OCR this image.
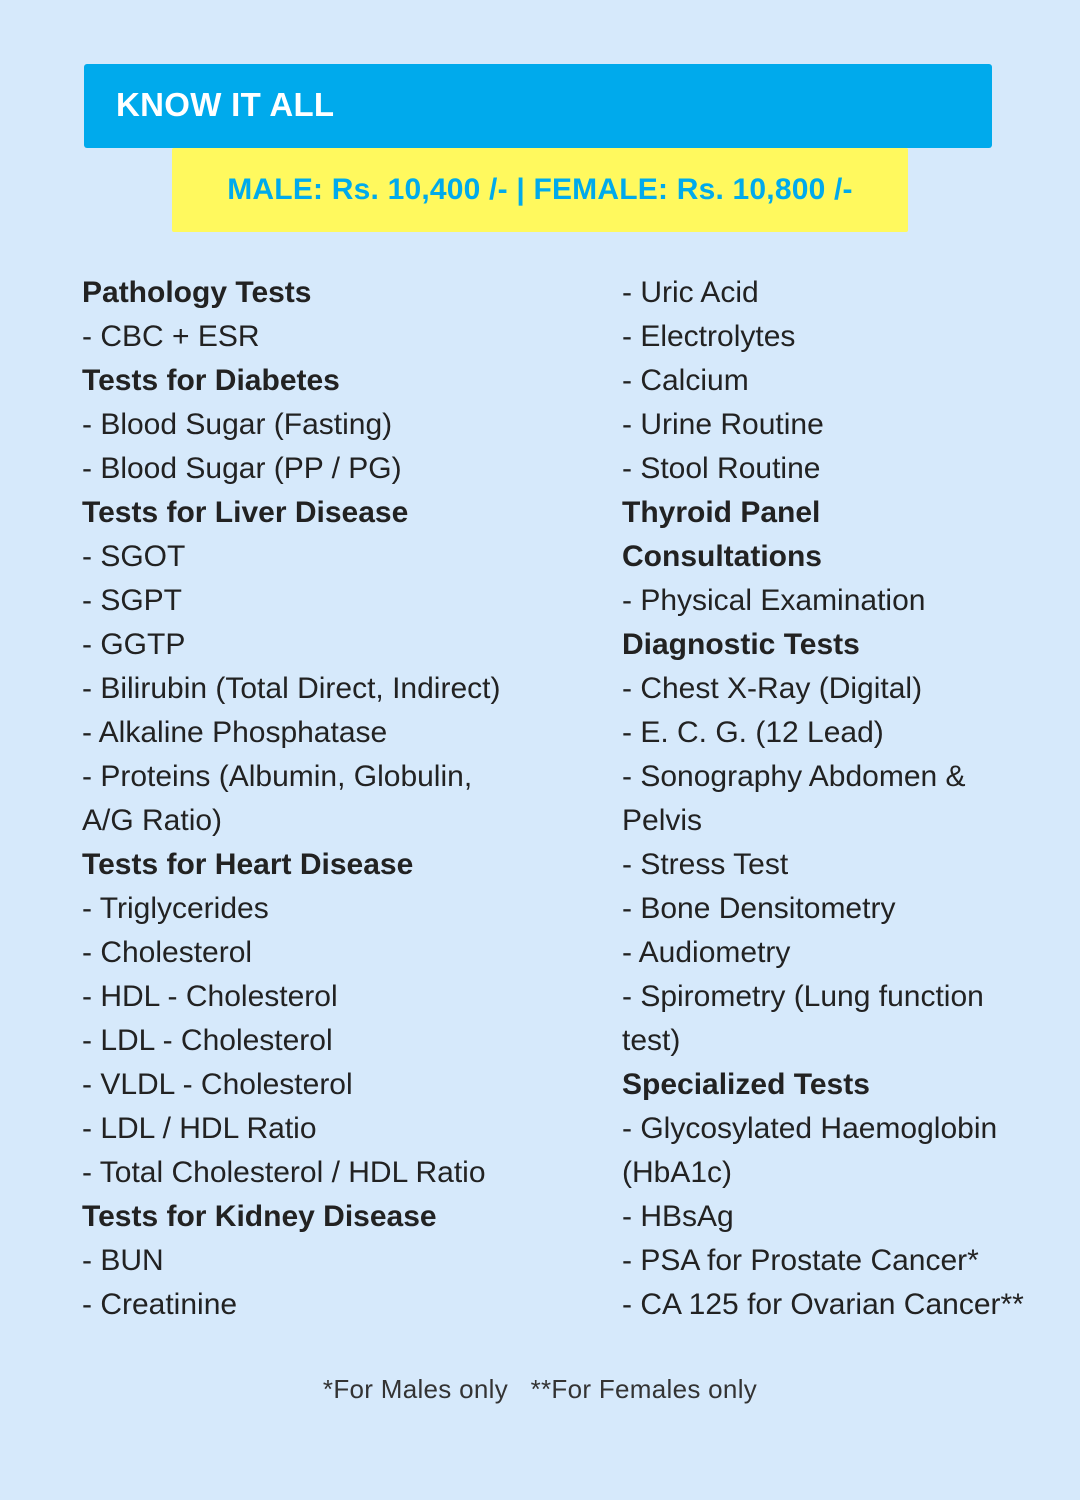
KNOW IT ALL
MALE: Rs. 10,400 /- | FEMALE: Rs. 10,800 /-
Pathology Tests
- CBC + ESR
Tests for Diabetes
- Blood Sugar (Fasting)
- Blood Sugar (PP / PG)
Tests for Liver Disease
- SGOT
- SGPT
- GGTP
- Bilirubin (Total Direct, Indirect)
- Alkaline Phosphatase
- Proteins (Albumin, Globulin,
A/G Ratio)
Tests for Heart Disease
- Triglycerides
- Cholesterol
- HDL - Cholesterol
- LDL - Cholesterol
- VLDL - Cholesterol
- LDL / HDL Ratio
- Total Cholesterol / HDL Ratio
Tests for Kidney Disease
- BUN
- Creatinine
- Uric Acid
- Electrolytes
- Calcium
- Urine Routine
- Stool Routine
Thyroid Panel
Consultations
- Physical Examination
Diagnostic Tests
- Chest X-Ray (Digital)
- E. C. G. (12 Lead)
- Sonography Abdomen &
Pelvis
- Stress Test
- Bone Densitometry
- Audiometry
- Spirometry (Lung function
test)
Specialized Tests
- Glycosylated Haemoglobin
(HbA1c)
- HBsAg
- PSA for Prostate Cancer*
- CA 125 for Ovarian Cancer**
*For Males only   **For Females only
